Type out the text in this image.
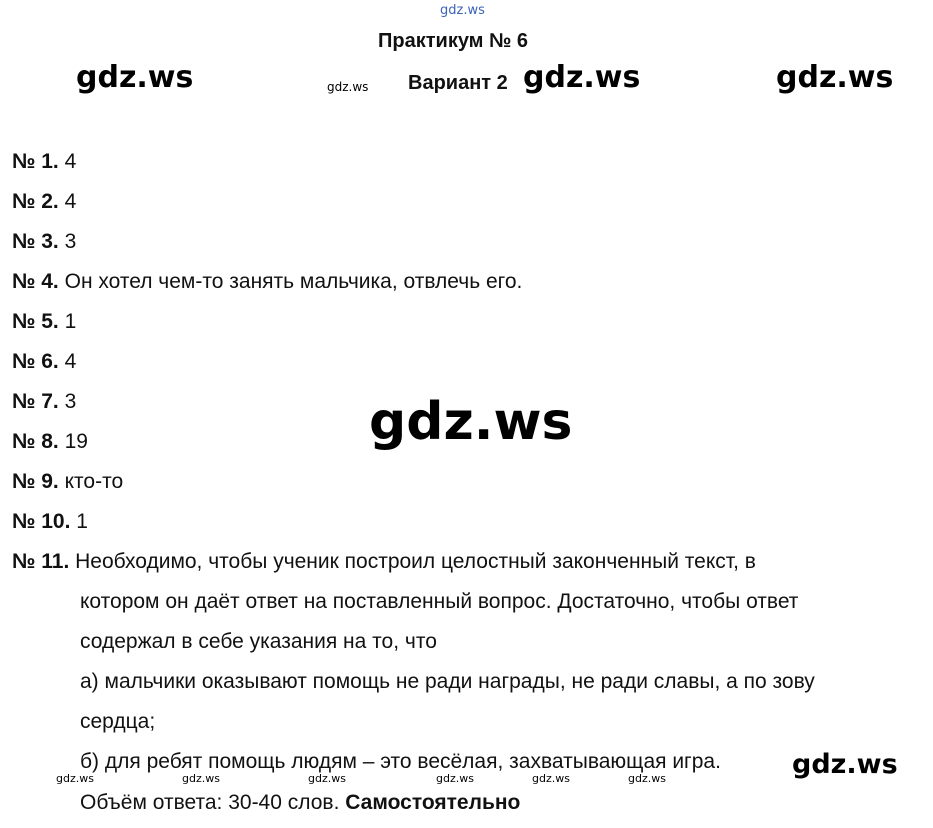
gdz.ws
gdz.ws	gdz.ws	gdz.ws
gdz.ws
Практикум № 6
Вариант 2 gdz.ws
№ 1. 4
№ 2. 4
№ 3. 3
№ 4. Он хотел чем-то занять мальчика, отвлечь его.
№ 5. 1
№ 6. 4
№ 7. 3
№ 8. 19
№ 9. кто-то
№ 10. 1
№ 11. Необходимо, чтобы ученик построил целостный законченный текст, в
котором он даёт ответ на поставленный вопрос. Достаточно, чтобы ответ
содержал в себе указания на то, что
а) мальчики оказывают помощь не ради награды, не ради славы, а по зову
сердца;
б) для ребят помощь людям – это весёлая, захватывающая игра.
Объём ответа: 30-40 слов. Самостоятельно
gdz.ws	gdz.ws	gdz.ws	gdz.ws	gdz.ws	gdz.ws	gdz.ws
